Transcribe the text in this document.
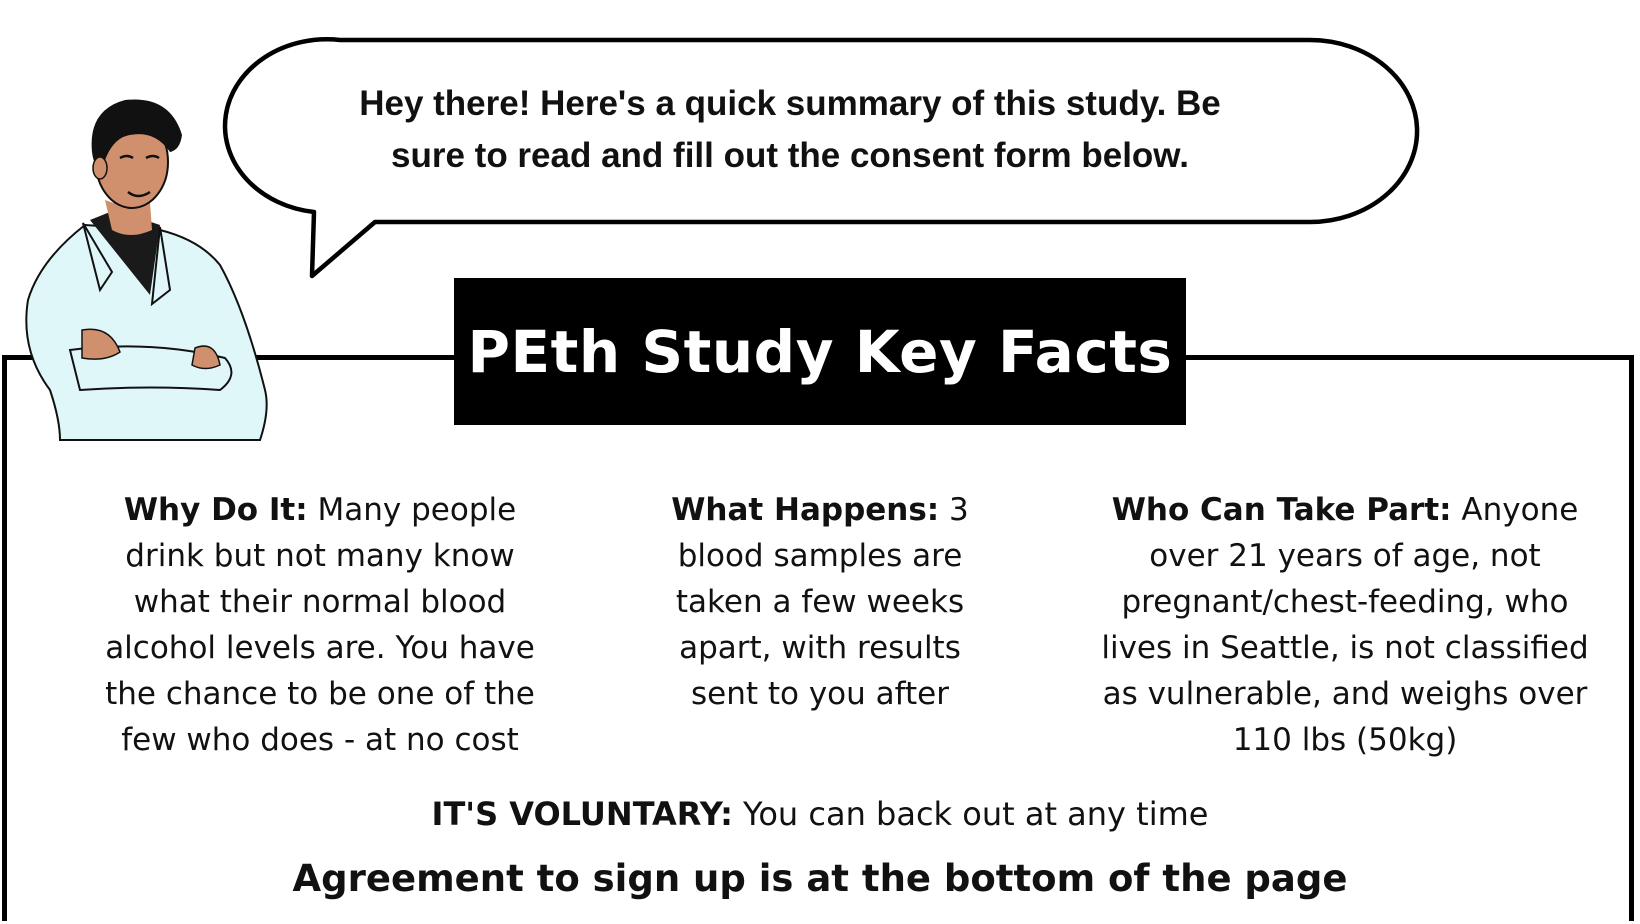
Hey there! Here's a quick summary of this study. Be sure to read and fill out the consent form below.
PEth Study Key Facts
Why Do It: Many people drink but not many know what their normal blood alcohol levels are. You have the chance to be one of the few who does - at no cost
What Happens: 3 blood samples are taken a few weeks apart, with results sent to you after
Who Can Take Part: Anyone over 21 years of age, not pregnant/chest-feeding, who lives in Seattle, is not classified as vulnerable, and weighs over 110 lbs (50kg)
IT'S VOLUNTARY: You can back out at any time
Agreement to sign up is at the bottom of the page
